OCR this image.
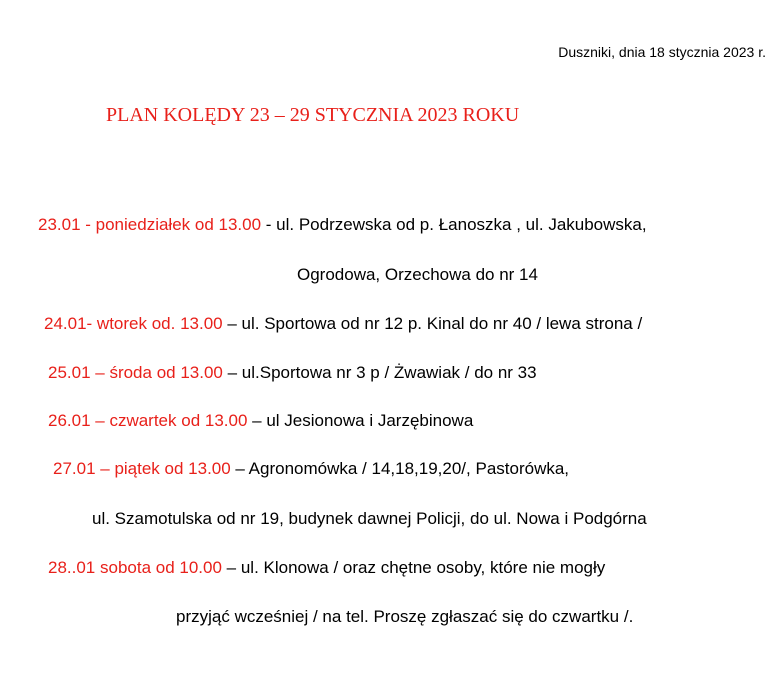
Duszniki, dnia 18 stycznia 2023 r.
PLAN KOLĘDY 23 – 29 STYCZNIA 2023 ROKU
23.01 - poniedziałek od 13.00 - ul. Podrzewska od p. Łanoszka , ul. Jakubowska,
Ogrodowa, Orzechowa do nr 14
24.01- wtorek od. 13.00 – ul. Sportowa od nr 12 p. Kinal do nr 40 / lewa strona /
25.01 – środa od 13.00 – ul.Sportowa nr 3 p / Żwawiak / do nr 33
26.01 – czwartek od 13.00 – ul Jesionowa i Jarzębinowa
27.01 – piątek od 13.00 – Agronomówka / 14,18,19,20/, Pastorówka,
ul. Szamotulska od nr 19, budynek dawnej Policji, do ul. Nowa i Podgórna
28..01 sobota od 10.00 – ul. Klonowa / oraz chętne osoby, które nie mogły
przyjąć wcześniej / na tel. Proszę zgłaszać się do czwartku /.
